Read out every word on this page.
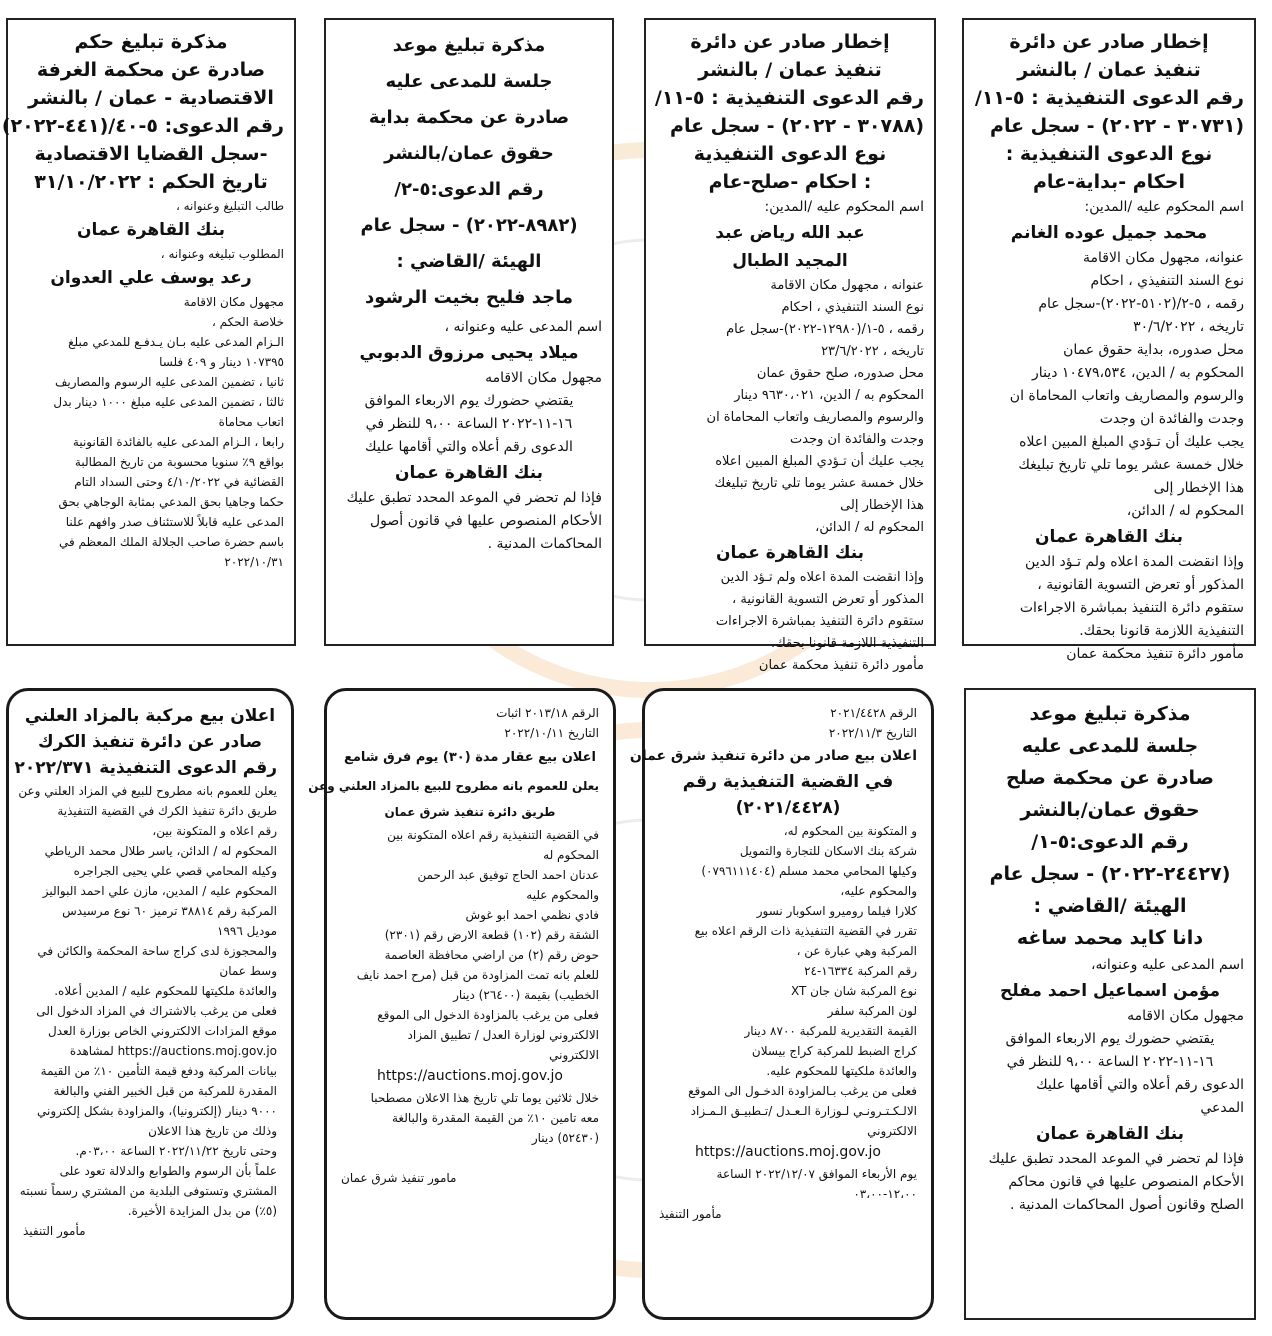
إخطار صادر عن دائرة
تنفيذ عمان / بالنشر
رقم الدعوى التنفيذية : ٥-١١/
(٣٠٧٣١ - ٢٠٢٢) - سجل عام
نوع الدعوى التنفيذية :
احكام -بداية-عام
اسم المحكوم عليه /المدين:
محمد جميل عوده الغانم
عنوانه، مجهول مكان الاقامة
نوع السند التنفيذي ، احكام
رقمه ، ٥-٢/(٥١٠٢-٢٠٢٢)-سجل عام
تاريخه ، ٣٠/٦/٢٠٢٢
محل صدوره، بداية حقوق عمان
المحكوم به / الدين، ١٠٤٧٩،٥٣٤ دينار
والرسوم والمصاريف واتعاب المحاماة ان
وجدت والفائدة ان وجدت
يجب عليك أن تـؤدي المبلغ المبين اعلاه
خلال خمسة عشر يوما تلي تاريخ تبليغك
هذا الإخطار إلى
المحكوم له / الدائن،
بنك القاهرة عمان
وإذا انقضت المدة اعلاه ولم تـؤد الدين
المذكور أو تعرض التسوية القانونية ،
ستقوم دائرة التنفيذ بمباشرة الاجراءات
التنفيذية اللازمة قانونا بحقك.
مأمور دائرة تنفيذ محكمة عمان
إخطار صادر عن دائرة
تنفيذ عمان / بالنشر
رقم الدعوى التنفيذية : ٥-١١/
(٣٠٧٨٨ - ٢٠٢٢) - سجل عام
نوع الدعوى التنفيذية
: احكام -صلح-عام
اسم المحكوم عليه /المدين:
عبد الله رياض عبد
المجيد الطبال
عنوانه ، مجهول مكان الاقامة
نوع السند التنفيذي ، احكام
رقمه ، ٥-١/(١٢٩٨٠-٢٠٢٢)-سجل عام
تاريخه ، ٢٣/٦/٢٠٢٢
محل صدوره، صلح حقوق عمان
المحكوم به / الدين، ٩٦٣٠،٠٢١ دينار
والرسوم والمصاريف واتعاب المحاماة ان
وجدت والفائدة ان وجدت
يجب عليك أن تـؤدي المبلغ المبين اعلاه
خلال خمسة عشر يوما تلي تاريخ تبليغك
هذا الإخطار إلى
المحكوم له / الدائن،
بنك القاهرة عمان
وإذا انقضت المدة اعلاه ولم تـؤد الدين
المذكور أو تعرض التسوية القانونية ،
ستقوم دائرة التنفيذ بمباشرة الاجراءات
التنفيذية اللازمة قانونا بحقك.
مأمور دائرة تنفيذ محكمة عمان
مذكرة تبليغ موعد
جلسة للمدعى عليه
صادرة عن محكمة بداية
حقوق عمان/بالنشر
رقم الدعوى:٥-٢/
(٨٩٨٢-٢٠٢٢) - سجل عام
الهيئة /القاضي :
ماجد فليح بخيت الرشود
اسم المدعى عليه وعنوانه ،
ميلاد يحيى مرزوق الدبوبي
مجهول مكان الاقامه
يقتضي حضورك يوم الاربعاء الموافق
١٦-١١-٢٠٢٢ الساعة ٩،٠٠ للنظر في
الدعوى رقم أعلاه والتي أقامها عليك
بنك القاهرة عمان
فإذا لم تحضر في الموعد المحدد تطبق عليك
الأحكام المنصوص عليها في قانون أصول
المحاكمات المدنية .
مذكرة تبليغ حكم
صادرة عن محكمة الغرفة
الاقتصادية - عمان / بالنشر
رقم الدعوى: ٥-٤٠/(٤٤١-٢٠٢٢)
-سجل القضايا الاقتصادية
تاريخ الحكم : ٣١/١٠/٢٠٢٢
طالب التبليغ وعنوانه ،
بنك القاهرة عمان
المطلوب تبليغه وعنوانه ،
رعد يوسف علي العدوان
مجهول مكان الاقامة
خلاصة الحكم ،
الـزام المدعى عليه بـان يـدفـع للمدعي مبلغ
١٠٧٣٩٥ دينار و ٤٠٩ فلسا
ثانيا ، تضمين المدعى عليه الرسوم والمصاريف
ثالثا ، تضمين المدعى عليه مبلغ ١٠٠٠ دينار بدل
اتعاب محاماة
رابعا ، الـزام المدعى عليه بالفائدة القانونية
بواقع ٩٪ سنويا محسوبة من تاريخ المطالبة
القضائية في ٤/١٠/٢٠٢٢ وحتى السداد التام
حكما وجاهيا بحق المدعي بمثابة الوجاهي بحق
المدعى عليه قابلاً للاستئناف صدر وافهم علنا
باسم حضرة صاحب الجلالة الملك المعظم في
٢٠٢٢/١٠/٣١
مذكرة تبليغ موعد
جلسة للمدعى عليه
صادرة عن محكمة صلح
حقوق عمان/بالنشر
رقم الدعوى:٥-١/
(٢٤٤٢٧-٢٠٢٢) - سجل عام
الهيئة /القاضي :
دانا كايد محمد ساغه
اسم المدعى عليه وعنوانه،
مؤمن اسماعيل احمد مفلح
مجهول مكان الاقامه
يقتضي حضورك يوم الاربعاء الموافق
١٦-١١-٢٠٢٢ الساعة ٩،٠٠ للنظر في
الدعوى رقم أعلاه والتي أقامها عليك
المدعي
بنك القاهرة عمان
فإذا لم تحضر في الموعد المحدد تطبق عليك
الأحكام المنصوص عليها في قانون محاكم
الصلح وقانون أصول المحاكمات المدنية .
الرقم ٢٠٢١/٤٤٢٨
التاريخ ٢٠٢٢/١١/٣
اعلان بيع صادر من دائرة تنفيذ شرق عمان
في القضية التنفيذية رقم
(٢٠٢١/٤٤٢٨)
و المتكونة بين المحكوم له،
شركة بنك الاسكان للتجارة والتمويل
وكيلها المحامي محمد مسلم (٠٧٩٦١١١٤٠٤)
والمحكوم عليه،
كلارا فيلما روميرو اسكوبار نسور
تقرر في القضية التنفيذية ذات الرقم اعلاه بيع
المركبة وهي عبارة عن ،
رقم المركبة ١٦٣٣٤-٢٤
نوع المركبة شان جان XT
لون المركبة سلفر
القيمة التقديرية للمركبة ٨٧٠٠ دينار
كراج الضبط للمركبة كراج بيسلان
والعائدة ملكيتها للمحكوم عليه.
فعلى من يرغب بـالمزاودة الدخـول الى الموقع
الالـكـتـرونـي لـوزارة الـعـدل /تـطبيـق الـمـزاد
الالكتروني
https://auctions.moj.gov.jo
يوم الأربعاء الموافق ٢٠٢٢/١٢/٠٧ الساعة
١٢،٠٠-٠٣،٠٠
مأمور التنفيذ
الرقم ٢٠١٣/١٨ اثبات
التاريخ ٢٠٢٢/١٠/١١
اعلان بيع عقار مدة (٣٠) يوم فرق شامع
يعلن للعموم بانه مطروح للبيع بالمزاد العلني وعن
طريق دائرة تنفيذ شرق عمان
في القضية التنفيذية رقم اعلاه المتكونة بين
المحكوم له
عدنان احمد الحاج توفيق عبد الرحمن
والمحكوم عليه
فادي نظمي احمد ابو غوش
الشقة رقم (١٠٢) قطعة الارض رقم (٢٣٠١)
حوض رقم (٢) من اراضي محافظة العاصمة
للعلم بانه تمت المزاودة من قبل (مرح احمد نايف
الخطيب) بقيمة (٢٦٤٠٠) دينار
فعلى من يرغب بالمزاودة الدخول الى الموقع
الالكتروني لوزارة العدل / تطبيق المزاد
الالكتروني
https://auctions.moj.gov.jo
خلال ثلاثين يوما تلي تاريخ هذا الاعلان مصطحبا
معه تامين ١٠٪ من القيمة المقدرة والبالغة
(٥٢٤٣٠) دينار
مامور تنفيذ شرق عمان
اعلان بيع مركبة بالمزاد العلني
صادر عن دائرة تنفيذ الكرك
رقم الدعوى التنفيذية ٢٠٢٢/٣٧١
يعلن للعموم بانه مطروح للبيع في المزاد العلني وعن
طريق دائرة تنفيذ الكرك في القضية التنفيذية
رقم اعلاه و المتكونة بين،
المحكوم له / الدائن، ياسر طلال محمد الرياطي
وكيله المحامي قصي علي يحيى الجراجره
المحكوم عليه / المدين، مازن علي احمد البواليز
المركبة رقم ٣٨٨١٤ ترميز ٦٠ نوع مرسيدس
موديل ١٩٩٦
والمحجوزة لدى كراج ساحة المحكمة والكائن في
وسط عمان
والعائدة ملكيتها للمحكوم عليه / المدين أعلاه.
فعلى من يرغب بالاشتراك في المزاد الدخول الى
موقع المزادات الالكتروني الخاص بوزارة العدل
https://auctions.moj.gov.jo لمشاهدة
بيانات المركبة ودفع قيمة التأمين ١٠٪ من القيمة
المقدرة للمركبة من قبل الخبير الفني والبالغة
٩٠٠٠ دينار (إلكترونيا)، والمزاودة بشكل إلكتروني
وذلك من تاريخ هذا الاعلان
وحتى تاريخ ٢٠٢٢/١١/٢٢ الساعة ٠٣،٠٠م.
علماً بأن الرسوم والطوابع والدلالة تعود على
المشتري وتستوفى البلدية من المشتري رسماً نسبته
(٥٪) من بدل المزايدة الأخيرة.
مأمور التنفيذ
